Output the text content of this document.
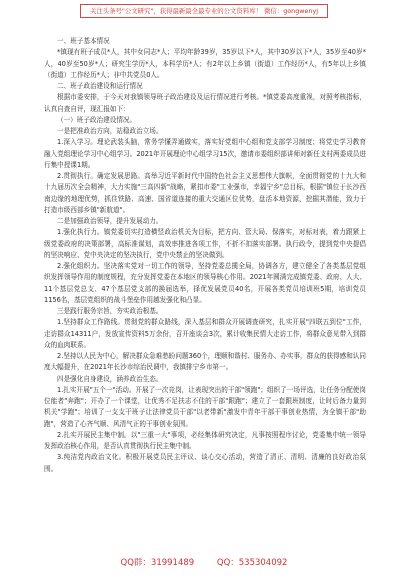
关注头条号"公文研究"，获得最新最全最专业的公文资料库！ 微信：gongwenyj

一、班子基本情况

*镇现有班子成员*人，其中女同志*人；平均年龄39岁，35岁以下*人，其中30岁以下*人，35岁至40岁*人，40岁至50岁*人；研究生学历*人，本科学历*人；有2年以上乡镇（街道）工作经历*人，有5年以上乡镇（街道）工作经历*人；非中共党员0人。

二、班子政治建设和运行情况

根据市委安排，于今天对我镇领导班子政治建设及运行情况进行考核。*镇党委高度重视，对照考核指标，认真自查自评，现汇报如下：

（一）班子政治建设情况。

一是把准政治方向，站稳政治立场。

1.深入学习。理论武装头脑，常务学懂弄通做实，落实好党组中心组和党支部学习制度；将党史学习教育融入党组理论学习中心组学习。2021年开展理论中心组学习15次，邀请市委组织部讲师对新任支村两委成员进行集中授课1期。

2.贯彻执行。确定发展思路。高举习近平新时代中国特色社会主义思想伟大旗帜，全面贯彻党的十九大和十九届历次全会精神，大力实施"三高四新"战略，紧扣市委"工业强市，幸福宁乡"总目标，根据"镇位于长沙西南边缘的地理优势，抓住铁路、高速、国省道连接的重大交通区位优势，盘活本地资源，挖掘其潜能，致力于打造市级西部乡镇"新航道"。

二是加强政治领导，提升发展动力。

1.强化执行力。镇党委切实打造横竖政治机关为目标，把方向、管大局、保落实，对标对表，着力跟紧上级党委政府的决策部署，高标准谋划，高效率推进各项工作，不折不扣落实部署。执行政令，提到党中央提倡的坚决响应、党中央决定的坚决执行，党中央禁止的坚决做到。

2.强化组织力。坚决落实党对一切工作的领导，坚持党委总揽全局，协调各方，建立健全了各类基层党组织发挥领导作用的制度规程，充分发挥党委在本地区的领导核心作用。2021年圆满完成镇党委、政府、人大、11个基层党总支、47个基层党支部的换届选举，择优发展党员40名，开展各类党员培训班5期，培训党员1156名，基层党组织的战斗堡垒作用越发强化和凸显。

三是践行服务宗旨，夯实政治根基。

1.坚持群众工作路线。贯彻党的群众路线，深入基层和群众开展调查研究，扎实开展"四联五到位"工作，走访群众14311户，发放宣传资料5万余份，召开座谈会3次，累计收集民情大走访工作，将群众意见带入到群众的血肉联系。

2.坚持以人民为中心，解决群众急难愁盼问题360个，理顺和谐村、服务办、办实事，群众的获得感和认同度大幅提升，在2021年长沙市综治民调中，我镇排宁乡市第一。

四是强化自身建设，涵养政治生态。

1.扎实开展"五个一"活动。开展了一次竞岗，让表现突出的干部"领跑"；组织了一场评选，让任务分配使岗位能者"奔跑"；开办了一个课堂，让优秀不足扶志不佳的干部"跟跑"；建立了一套跟班制度，让时后备力量到机关"学跑"；培训了一支支干班子让法律党员干部"以老带新"激发中青年干部干事创业热情，为全镇干部"助跑"，营造了心齐气顺、风清气正的干事创业氛围。

2.扎实开展民主集中制。以"三重一大"事项，必经集体研究决定，凡事按照程序讨论，党委集中统一领导发挥政治核心作用，是否认真贯彻执行民主集中制。

3.纯洁党内政治文化。积极开展党员民主评议、谈心交心活动，营造了清正、清明、清廉的良好政治氛围。

QQ群：31991489	QQ：535304092
